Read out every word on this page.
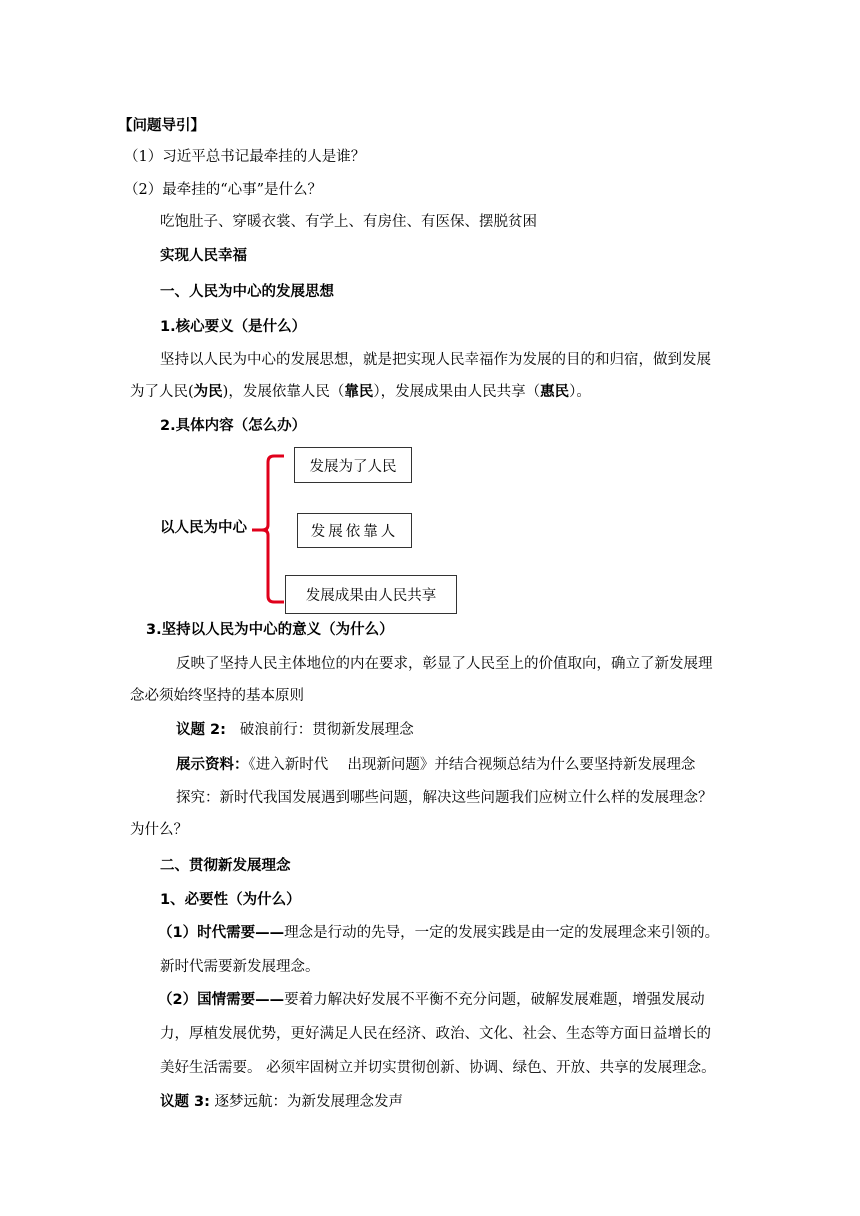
【问题导引】
（1）习近平总书记最牵挂的人是谁？
（2）最牵挂的“心事”是什么？
吃饱肚子、穿暖衣裳、有学上、有房住、有医保、摆脱贫困
实现人民幸福
一、人民为中心的发展思想
1.核心要义（是什么）
坚持以人民为中心的发展思想，就是把实现人民幸福作为发展的目的和归宿，做到发展
为了人民(为民)，发展依靠人民（靠民），发展成果由人民共享（惠民）。
2.具体内容（怎么办）
以人民为中心
发展为了人民
发展依靠人
发展成果由人民共享
3.坚持以人民为中心的意义（为什么）
反映了坚持人民主体地位的内在要求，彰显了人民至上的价值取向，确立了新发展理
念必须始终坚持的基本原则
议题 2: 破浪前行：贯彻新发展理念
展示资料：《进入新时代　 出现新问题》并结合视频总结为什么要坚持新发展理念
探究：新时代我国发展遇到哪些问题，解决这些问题我们应树立什么样的发展理念？
为什么？
二、贯彻新发展理念
1、必要性（为什么）
（1）时代需要——理念是行动的先导，一定的发展实践是由一定的发展理念来引领的。
新时代需要新发展理念。
（2）国情需要——要着力解决好发展不平衡不充分问题，破解发展难题，增强发展动
力，厚植发展优势，更好满足人民在经济、政治、文化、社会、生态等方面日益增长的
美好生活需要。 必须牢固树立并切实贯彻创新、协调、绿色、开放、共享的发展理念。
议题 3: 逐梦远航：为新发展理念发声
